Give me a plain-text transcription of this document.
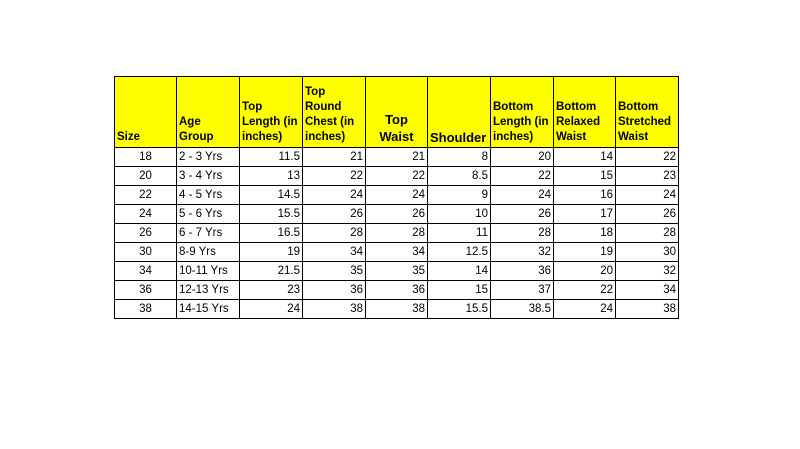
Size	Age Group	Top Length (in inches)	Top Round Chest (in inches)	Top Waist	Shoulder	Bottom Length (in inches)	Bottom Relaxed Waist	Bottom Stretched Waist
18	2 - 3 Yrs	11.5	21	21	8	20	14	22
20	3 - 4 Yrs	13	22	22	8.5	22	15	23
22	4 - 5 Yrs	14.5	24	24	9	24	16	24
24	5 - 6 Yrs	15.5	26	26	10	26	17	26
26	6 - 7 Yrs	16.5	28	28	11	28	18	28
30	8-9 Yrs	19	34	34	12.5	32	19	30
34	10-11 Yrs	21.5	35	35	14	36	20	32
36	12-13 Yrs	23	36	36	15	37	22	34
38	14-15 Yrs	24	38	38	15.5	38.5	24	38
